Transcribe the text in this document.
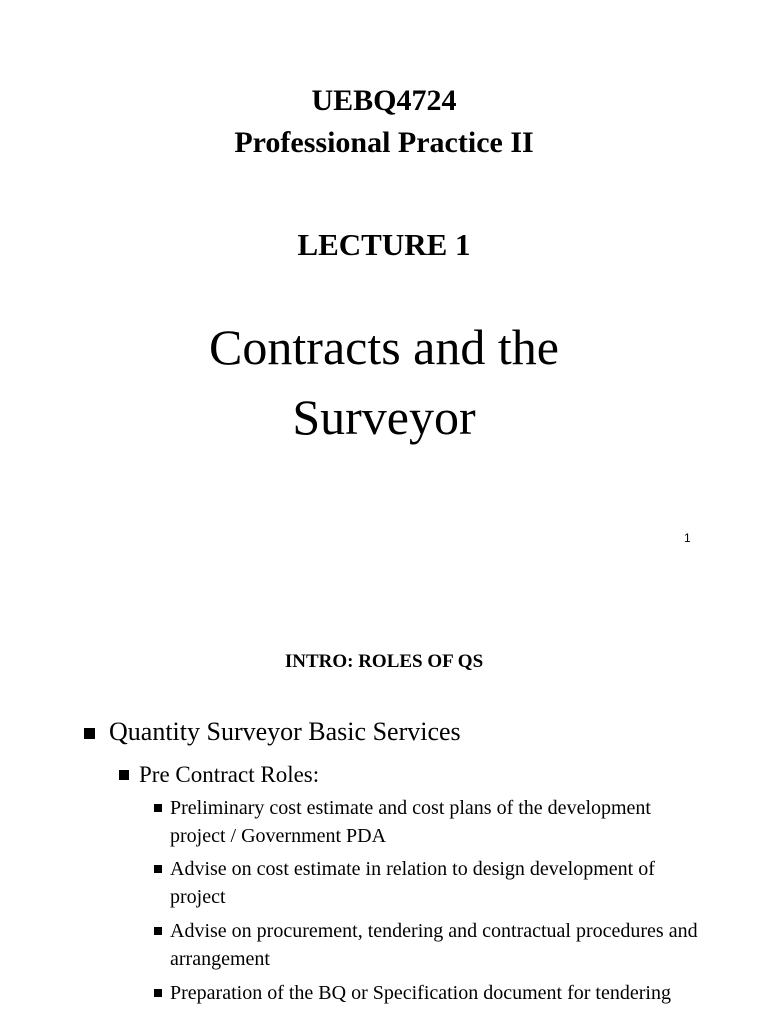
UEBQ4724
Professional Practice II
LECTURE 1
Contracts and the
Surveyor
1
INTRO: ROLES OF QS
Quantity Surveyor Basic Services
Pre Contract Roles:
Preliminary cost estimate and cost plans of the development project / Government PDA
Advise on cost estimate in relation to design development of project
Advise on procurement, tendering and contractual procedures and arrangement
Preparation of the BQ or Specification document for tendering
